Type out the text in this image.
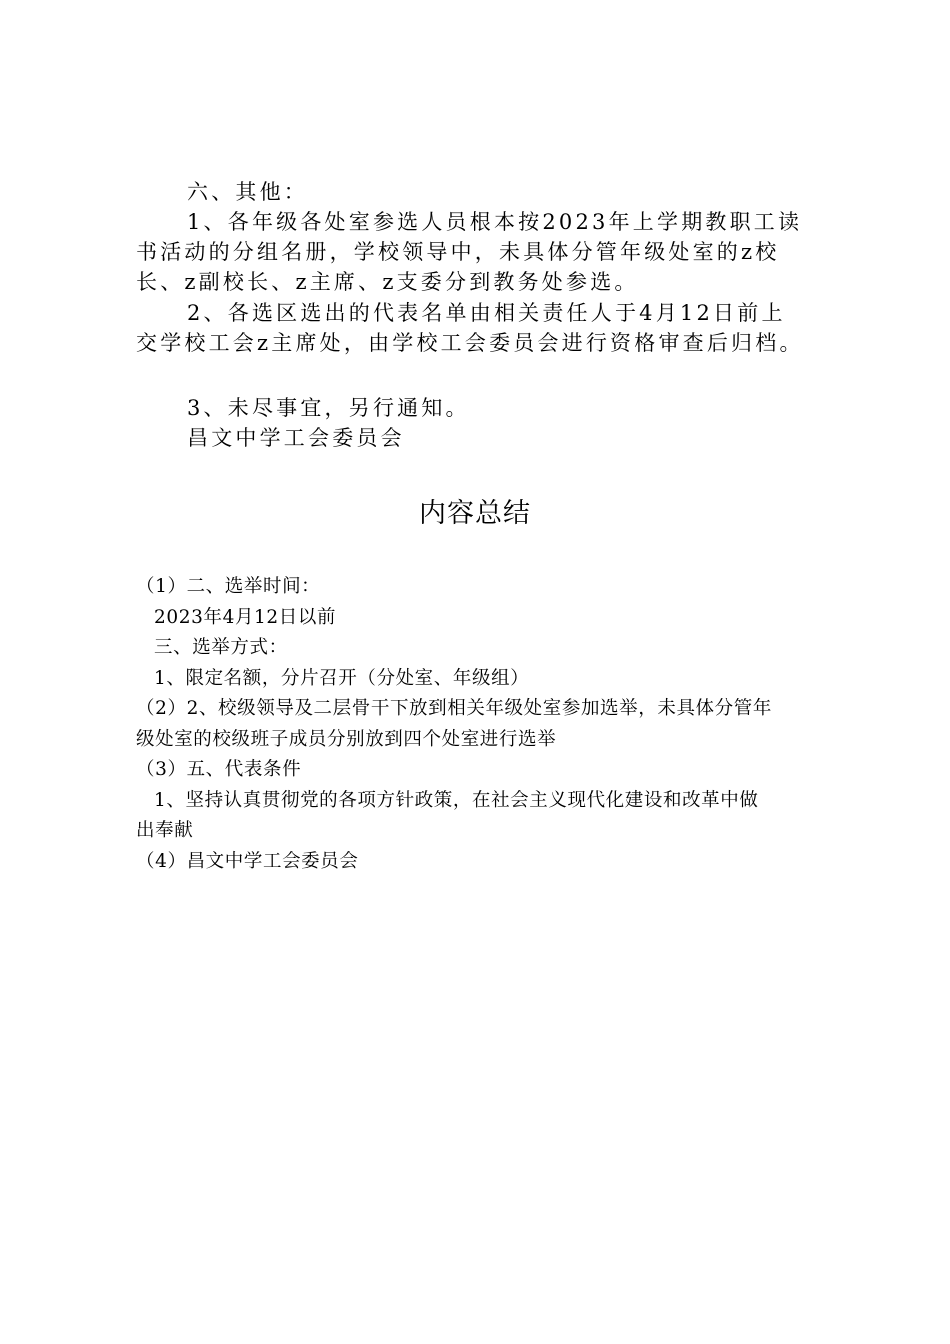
六、其他：

1、各年级各处室参选人员根本按2023年上学期教职工读

书活动的分组名册，学校领导中，未具体分管年级处室的z校

长、z副校长、z主席、z支委分到教务处参选。

2、各选区选出的代表名单由相关责任人于4月12日前上

交学校工会z主席处，由学校工会委员会进行资格审查后归档。

3、未尽事宜，另行通知。

昌文中学工会委员会

内容总结

（1）二、选举时间：

2023年4月12日以前

三、选举方式：

1、限定名额，分片召开（分处室、年级组）

（2）2、校级领导及二层骨干下放到相关年级处室参加选举，未具体分管年

级处室的校级班子成员分别放到四个处室进行选举

（3）五、代表条件

1、坚持认真贯彻党的各项方针政策，在社会主义现代化建设和改革中做

出奉献

（4）昌文中学工会委员会
